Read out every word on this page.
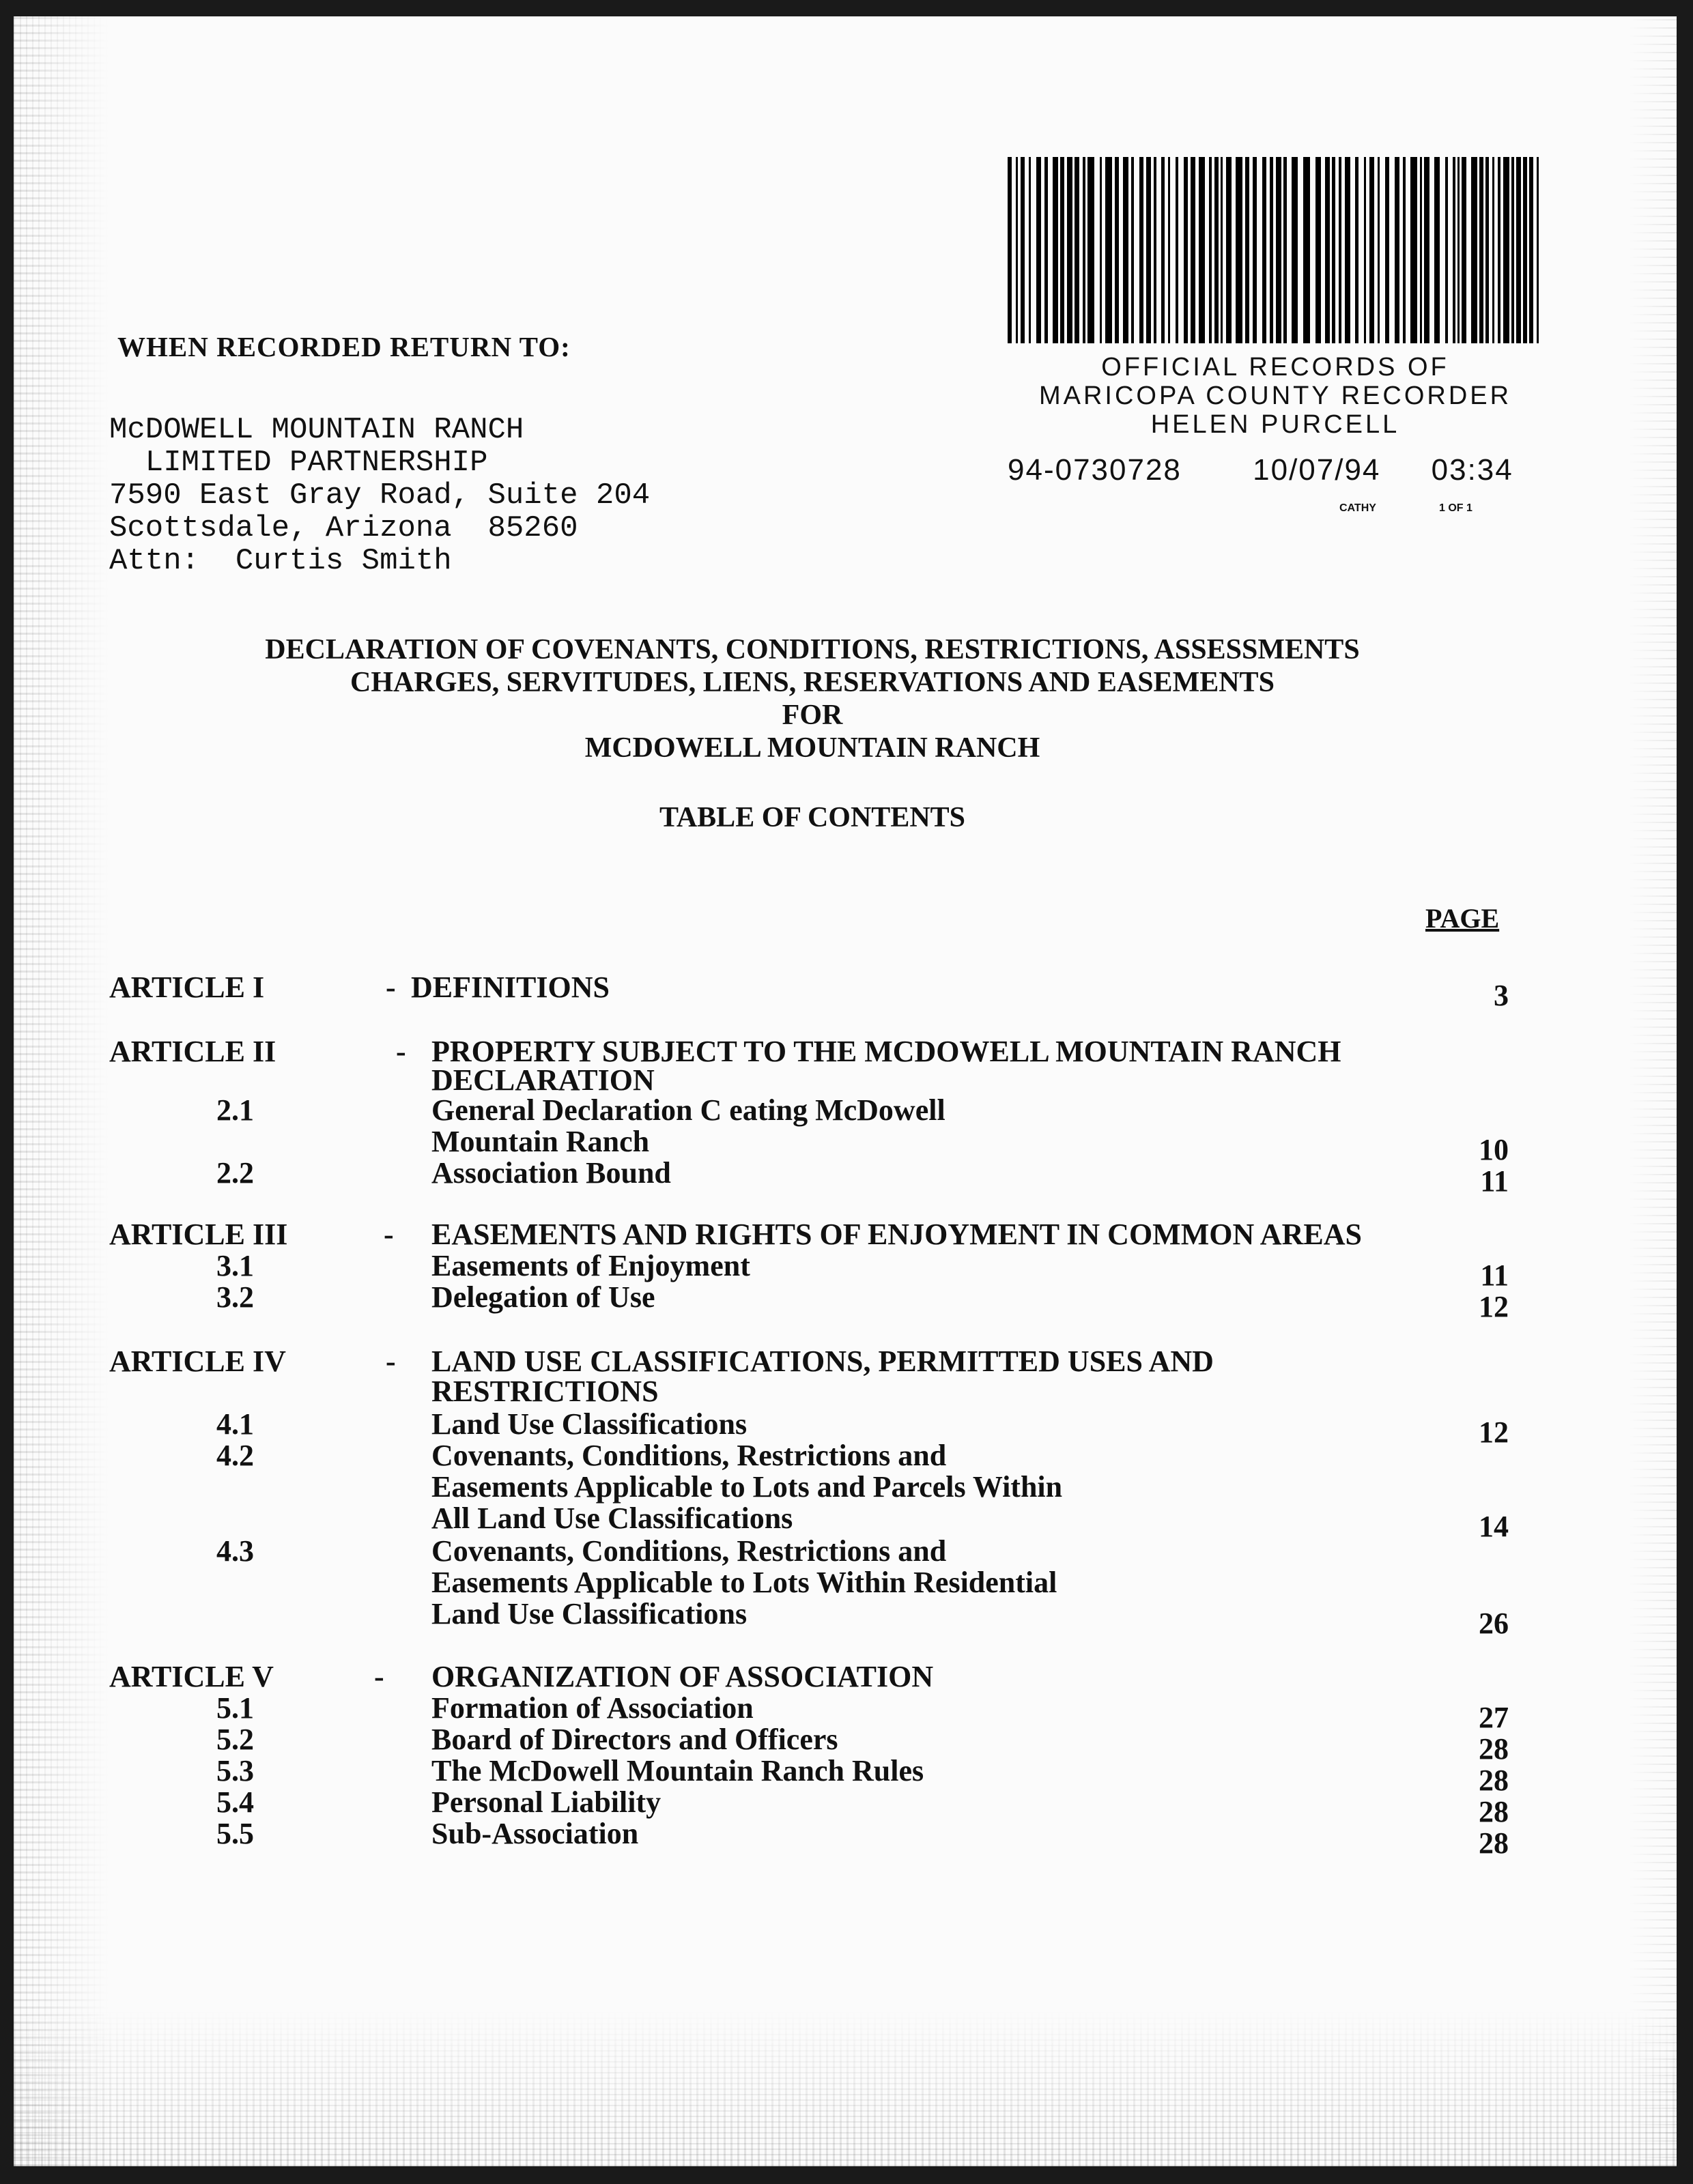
WHEN RECORDED RETURN TO:
McDOWELL MOUNTAIN RANCH
LIMITED PARTNERSHIP
7590 East Gray Road, Suite 204
Scottsdale, Arizona  85260
Attn:  Curtis Smith
OFFICIAL RECORDS OF
MARICOPA COUNTY RECORDER
HELEN PURCELL
94-0730728 10/07/94 03:34
CATHY	1 OF 1
DECLARATION OF COVENANTS, CONDITIONS, RESTRICTIONS, ASSESSMENTS
CHARGES, SERVITUDES, LIENS, RESERVATIONS AND EASEMENTS
FOR
MCDOWELL MOUNTAIN RANCH
TABLE OF CONTENTS
PAGE
ARTICLE I	- DEFINITIONS	3
ARTICLE II	- PROPERTY SUBJECT TO THE MCDOWELL MOUNTAIN RANCH
DECLARATION
2.1	General Declaration C eating McDowell
Mountain Ranch	10
2.2	Association Bound	11
ARTICLE III	- EASEMENTS AND RIGHTS OF ENJOYMENT IN COMMON AREAS
3.1	Easements of Enjoyment	11
3.2	Delegation of Use	12
ARTICLE IV	- LAND USE CLASSIFICATIONS, PERMITTED USES AND
RESTRICTIONS
4.1	Land Use Classifications	12
4.2	Covenants, Conditions, Restrictions and
Easements Applicable to Lots and Parcels Within
All Land Use Classifications	14
4.3	Covenants, Conditions, Restrictions and
Easements Applicable to Lots Within Residential
Land Use Classifications	26
ARTICLE V	- ORGANIZATION OF ASSOCIATION
5.1	Formation of Association	27
5.2	Board of Directors and Officers	28
5.3	The McDowell Mountain Ranch Rules	28
5.4	Personal Liability	28
5.5	Sub-Association	28
